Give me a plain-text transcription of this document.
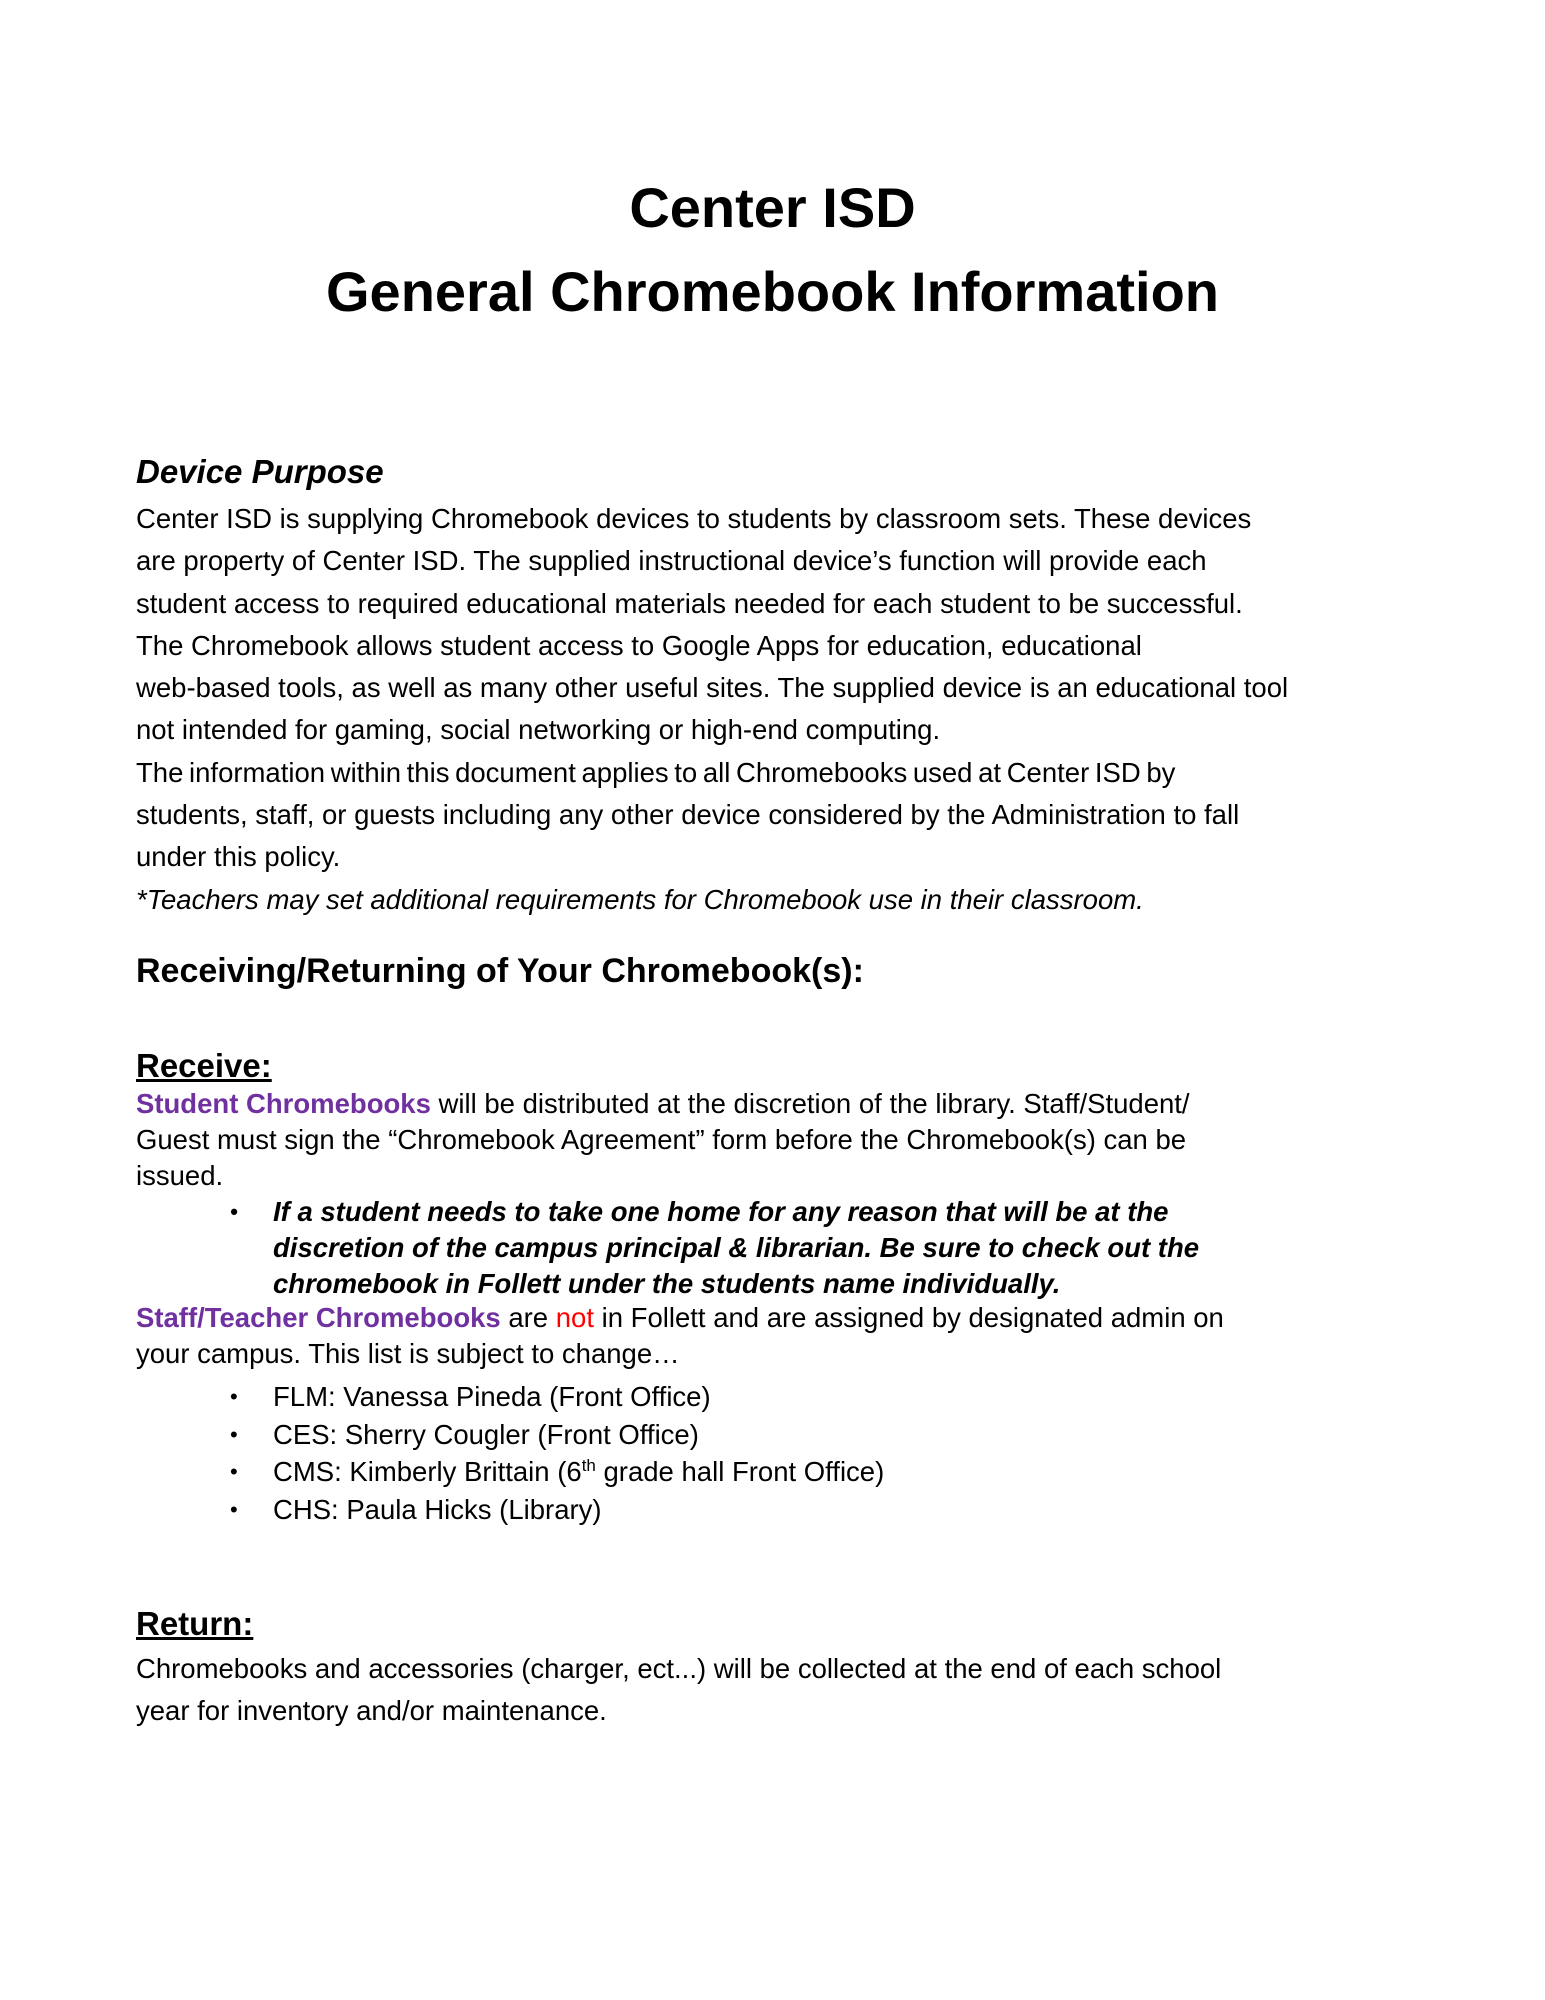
Center ISD
General Chromebook Information
Device Purpose

Center ISD is supplying Chromebook devices to students by classroom sets. These devices

are property of Center ISD. The supplied instructional device’s function will provide each

student access to required educational materials needed for each student to be successful.

The Chromebook allows student access to Google Apps for education, educational

web-based tools, as well as many other useful sites. The supplied device is an educational tool

not intended for gaming, social networking or high-end computing.

The information within this document applies to all Chromebooks used at Center ISD by

students, staff, or guests including any other device considered by the Administration to fall

under this policy.

*Teachers may set additional requirements for Chromebook use in their classroom.

Receiving/Returning of Your Chromebook(s):
Receive:

Student Chromebooks will be distributed at the discretion of the library. Staff/Student/

Guest must sign the “Chromebook Agreement” form before the Chromebook(s) can be

issued.

• If a student needs to take one home for any reason that will be at the
discretion of the campus principal & librarian. Be sure to check out the
chromebook in Follett under the students name individually.

Staff/Teacher Chromebooks are not in Follett and are assigned by designated admin on

your campus. This list is subject to change…

• FLM: Vanessa Pineda (Front Office)
• CES: Sherry Cougler (Front Office)
• CMS: Kimberly Brittain (6th grade hall Front Office)
• CHS: Paula Hicks (Library)
Return:

Chromebooks and accessories (charger, ect...) will be collected at the end of each school

year for inventory and/or maintenance.
